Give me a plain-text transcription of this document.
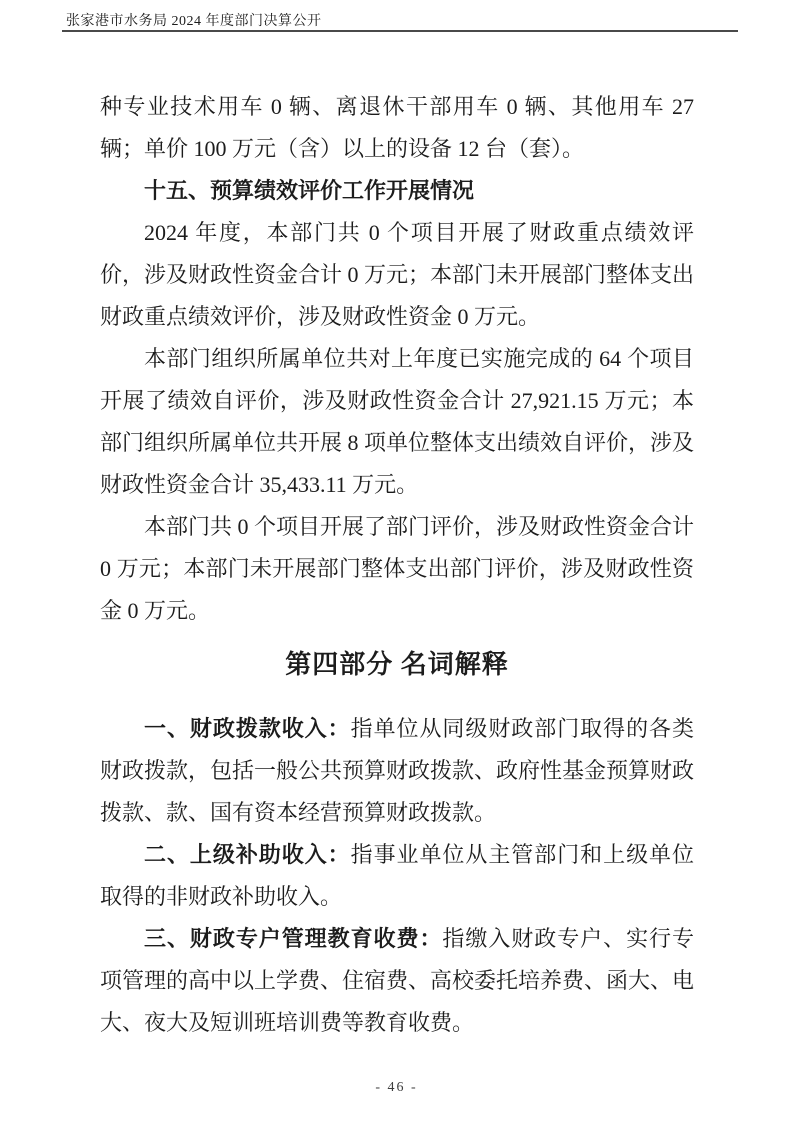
张家港市水务局 2024 年度部门决算公开

种专业技术用车 0 辆、离退休干部用车 0 辆、其他用车 27 辆；单价 100 万元（含）以上的设备 12 台（套）。

十五、预算绩效评价工作开展情况

2024 年度，本部门共 0 个项目开展了财政重点绩效评价，涉及财政性资金合计 0 万元；本部门未开展部门整体支出财政重点绩效评价，涉及财政性资金 0 万元。

本部门组织所属单位共对上年度已实施完成的 64 个项目开展了绩效自评价，涉及财政性资金合计 27,921.15 万元；本部门组织所属单位共开展 8 项单位整体支出绩效自评价，涉及财政性资金合计 35,433.11 万元。

本部门共 0 个项目开展了部门评价，涉及财政性资金合计 0 万元；本部门未开展部门整体支出部门评价，涉及财政性资金 0 万元。

第四部分 名词解释

一、财政拨款收入：指单位从同级财政部门取得的各类财政拨款，包括一般公共预算财政拨款、政府性基金预算财政拨款、款、国有资本经营预算财政拨款。

二、上级补助收入：指事业单位从主管部门和上级单位取得的非财政补助收入。

三、财政专户管理教育收费：指缴入财政专户、实行专项管理的高中以上学费、住宿费、高校委托培养费、函大、电大、夜大及短训班培训费等教育收费。

- 46 -
